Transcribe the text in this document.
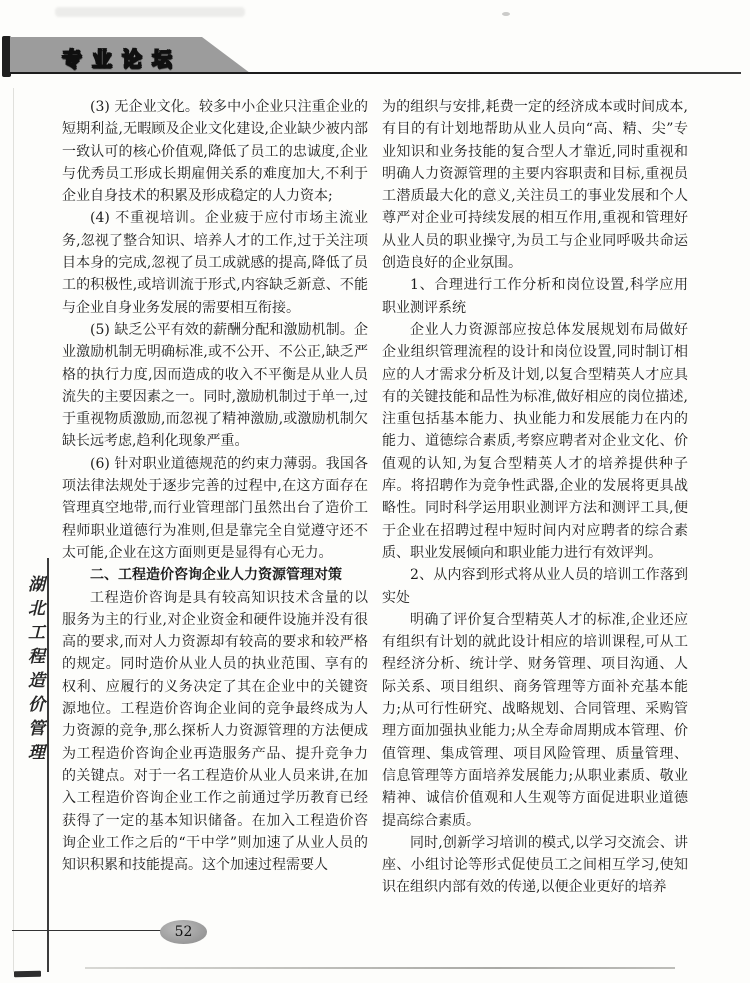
专业论坛
湖北工程造价管理

(3) 无企业文化。较多中小企业只注重企业的短期利益,无暇顾及企业文化建设,企业缺少被内部一致认可的核心价值观,降低了员工的忠诚度,企业与优秀员工形成长期雇佣关系的难度加大,不利于企业自身技术的积累及形成稳定的人力资本;

(4) 不重视培训。企业疲于应付市场主流业务,忽视了整合知识、培养人才的工作,过于关注项目本身的完成,忽视了员工成就感的提高,降低了员工的积极性,或培训流于形式,内容缺乏新意、不能与企业自身业务发展的需要相互衔接。

(5) 缺乏公平有效的薪酬分配和激励机制。企业激励机制无明确标准,或不公开、不公正,缺乏严格的执行力度,因而造成的收入不平衡是从业人员流失的主要因素之一。同时,激励机制过于单一,过于重视物质激励,而忽视了精神激励,或激励机制欠缺长远考虑,趋利化现象严重。

(6) 针对职业道德规范的约束力薄弱。我国各项法律法规处于逐步完善的过程中,在这方面存在管理真空地带,而行业管理部门虽然出台了造价工程师职业道德行为准则,但是靠完全自觉遵守还不太可能,企业在这方面则更是显得有心无力。

二、工程造价咨询企业人力资源管理对策

工程造价咨询是具有较高知识技术含量的以服务为主的行业,对企业资金和硬件设施并没有很高的要求,而对人力资源却有较高的要求和较严格的规定。同时造价从业人员的执业范围、享有的权利、应履行的义务决定了其在企业中的关键资源地位。工程造价咨询企业间的竞争最终成为人力资源的竞争,那么探析人力资源管理的方法便成为工程造价咨询企业再造服务产品、提升竞争力的关键点。对于一名工程造价从业人员来讲,在加入工程造价咨询企业工作之前通过学历教育已经获得了一定的基本知识储备。在加入工程造价咨询企业工作之后的“干中学”则加速了从业人员的知识积累和技能提高。这个加速过程需要人

为的组织与安排,耗费一定的经济成本或时间成本,有目的有计划地帮助从业人员向“高、精、尖”专业知识和业务技能的复合型人才靠近,同时重视和明确人力资源管理的主要内容职责和目标,重视员工潜质最大化的意义,关注员工的事业发展和个人尊严对企业可持续发展的相互作用,重视和管理好从业人员的职业操守,为员工与企业同呼吸共命运创造良好的企业氛围。

1、合理进行工作分析和岗位设置,科学应用职业测评系统

企业人力资源部应按总体发展规划布局做好企业组织管理流程的设计和岗位设置,同时制订相应的人才需求分析及计划,以复合型精英人才应具有的关键技能和品性为标准,做好相应的岗位描述,注重包括基本能力、执业能力和发展能力在内的能力、道德综合素质,考察应聘者对企业文化、价值观的认知,为复合型精英人才的培养提供种子库。将招聘作为竞争性武器,企业的发展将更具战略性。同时科学运用职业测评方法和测评工具,便于企业在招聘过程中短时间内对应聘者的综合素质、职业发展倾向和职业能力进行有效评判。

2、从内容到形式将从业人员的培训工作落到实处

明确了评价复合型精英人才的标准,企业还应有组织有计划的就此设计相应的培训课程,可从工程经济分析、统计学、财务管理、项目沟通、人际关系、项目组织、商务管理等方面补充基本能力;从可行性研究、战略规划、合同管理、采购管理方面加强执业能力;从全寿命周期成本管理、价值管理、集成管理、项目风险管理、质量管理、信息管理等方面培养发展能力;从职业素质、敬业精神、诚信价值观和人生观等方面促进职业道德提高综合素质。

同时,创新学习培训的模式,以学习交流会、讲座、小组讨论等形式促使员工之间相互学习,使知识在组织内部有效的传递,以便企业更好的培养

52
